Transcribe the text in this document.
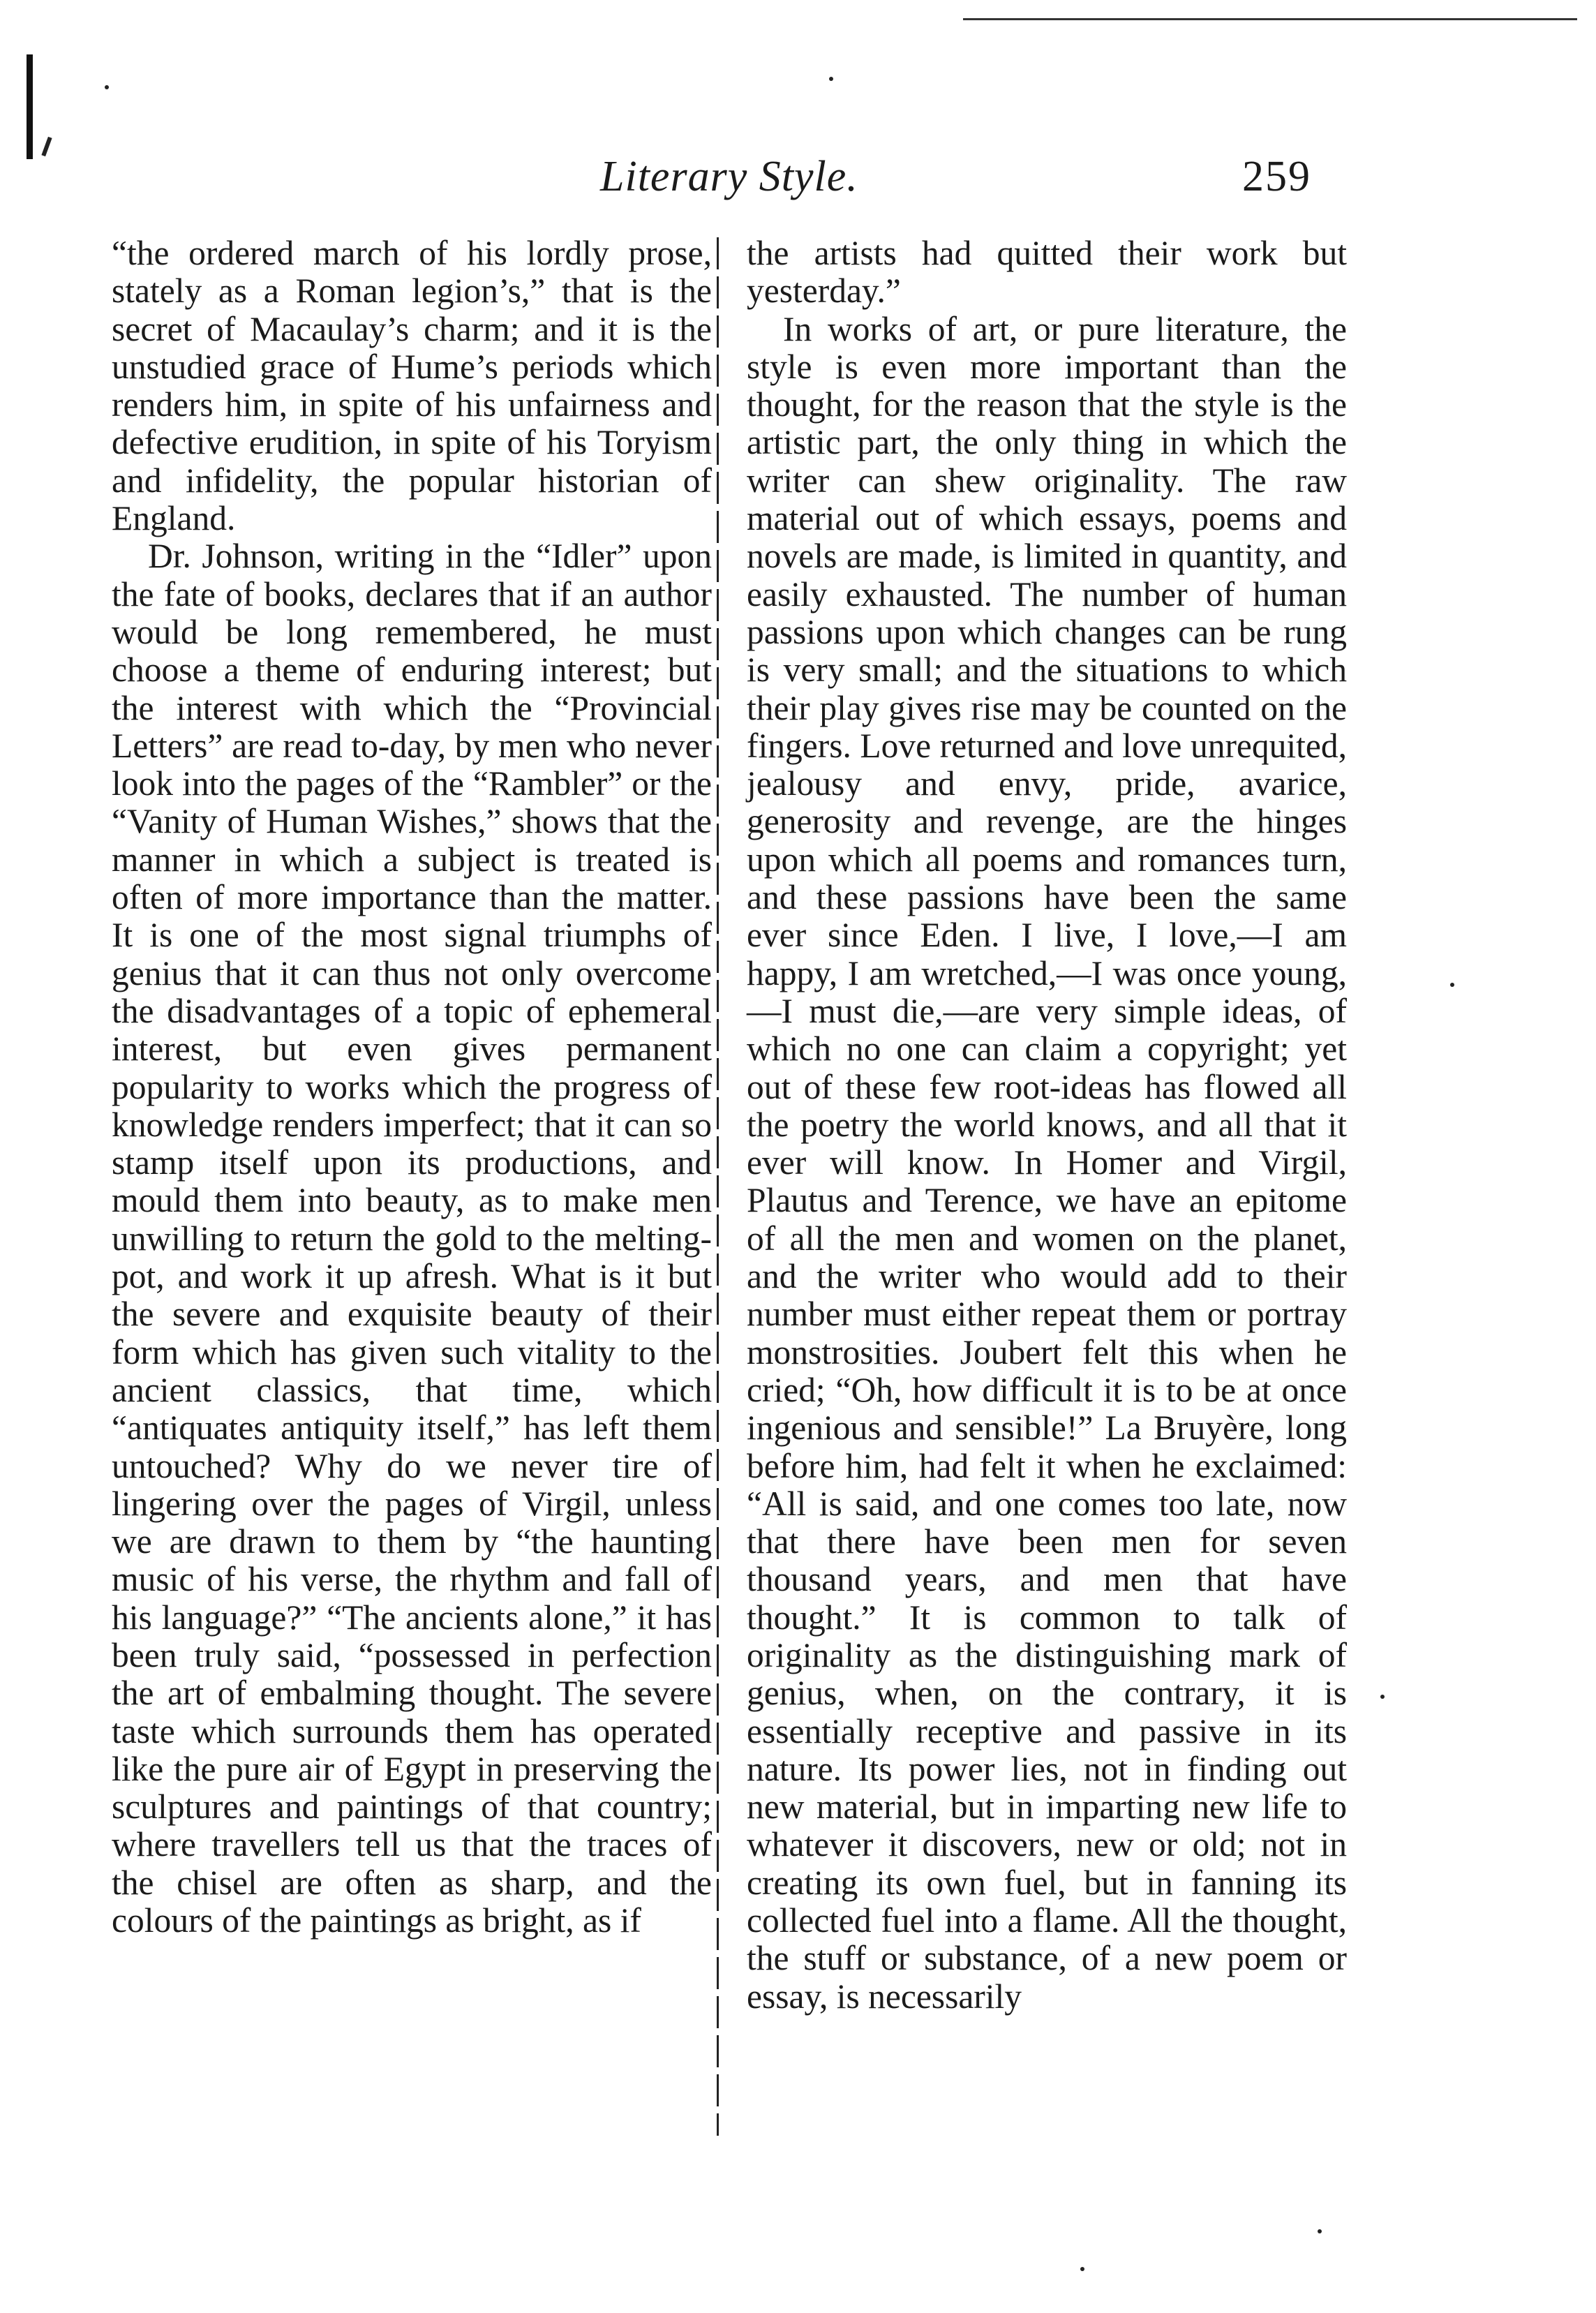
Literary Style.	259

“the ordered march of his lordly prose, stately as a Roman legion’s,” that is the secret of Macaulay’s charm; and it is the unstudied grace of Hume’s periods which renders him, in spite of his unfairness and defective erudition, in spite of his Toryism and infidelity, the popular historian of England.

Dr. Johnson, writing in the “Idler” upon the fate of books, declares that if an author would be long remembered, he must choose a theme of enduring interest; but the interest with which the “Provincial Letters” are read to-day, by men who never look into the pages of the “Rambler” or the “Vanity of Human Wishes,” shows that the manner in which a subject is treated is often of more importance than the matter. It is one of the most signal triumphs of genius that it can thus not only overcome the disadvantages of a topic of ephemeral interest, but even gives permanent popularity to works which the progress of knowledge renders imperfect; that it can so stamp itself upon its productions, and mould them into beauty, as to make men unwilling to return the gold to the melting-pot, and work it up afresh. What is it but the severe and exquisite beauty of their form which has given such vitality to the ancient classics, that time, which “antiquates antiquity itself,” has left them untouched? Why do we never tire of lingering over the pages of Virgil, unless we are drawn to them by “the haunting music of his verse, the rhythm and fall of his language?” “The ancients alone,” it has been truly said, “possessed in perfection the art of embalming thought. The severe taste which surrounds them has operated like the pure air of Egypt in preserving the sculptures and paintings of that country; where travellers tell us that the traces of the chisel are often as sharp, and the colours of the paintings as bright, as if

the artists had quitted their work but yesterday.”

In works of art, or pure literature, the style is even more important than the thought, for the reason that the style is the artistic part, the only thing in which the writer can shew originality. The raw material out of which essays, poems and novels are made, is limited in quantity, and easily exhausted. The number of human passions upon which changes can be rung is very small; and the situations to which their play gives rise may be counted on the fingers. Love returned and love unrequited, jealousy and envy, pride, avarice, generosity and revenge, are the hinges upon which all poems and romances turn, and these passions have been the same ever since Eden. I live, I love,—I am happy, I am wretched,—I was once young,—I must die,—are very simple ideas, of which no one can claim a copyright; yet out of these few root-ideas has flowed all the poetry the world knows, and all that it ever will know. In Homer and Virgil, Plautus and Terence, we have an epitome of all the men and women on the planet, and the writer who would add to their number must either repeat them or portray monstrosities. Joubert felt this when he cried; “Oh, how difficult it is to be at once ingenious and sensible!” La Bruyère, long before him, had felt it when he exclaimed: “All is said, and one comes too late, now that there have been men for seven thousand years, and men that have thought.” It is common to talk of originality as the distinguishing mark of genius, when, on the contrary, it is essentially receptive and passive in its nature. Its power lies, not in finding out new material, but in imparting new life to whatever it discovers, new or old; not in creating its own fuel, but in fanning its collected fuel into a flame. All the thought, the stuff or substance, of a new poem or essay, is necessarily
